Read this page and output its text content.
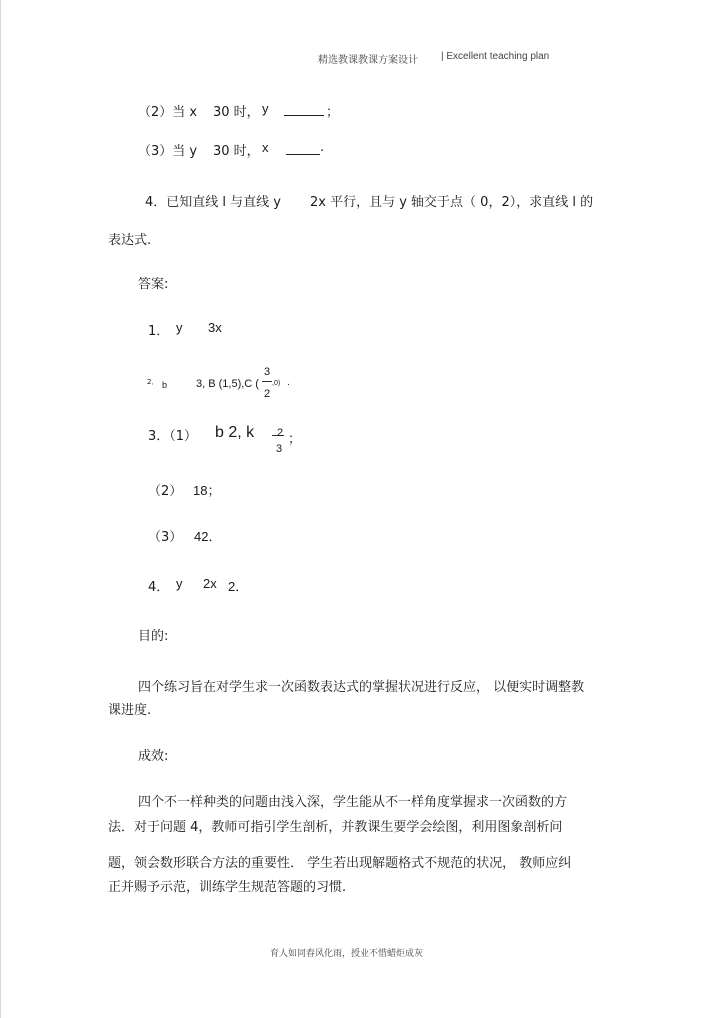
精选教课教课方案设计 | Excellent teaching plan
（2）当 x 30 时， y	；
（3）当 y 30 时， x	.
4．已知直线 l 与直线 y 2x 平行，且与 y 轴交于点（ 0，2），求直线 l 的
表达式.
答案:
1． y 3x
2． b	3, B (1,5),C (
3
2
,0) .
3．（1） b 2, k 2
3
；
（2） 18；
（3） 42．
4． y 2x 2．
目的:
四个练习旨在对学生求一次函数表达式的掌握状况进行反应， 以便实时调整教
课进度.
成效:
四个不一样种类的问题由浅入深，学生能从不一样角度掌握求一次函数的方
法．对于问题 4，教师可指引学生剖析，并教课生要学会绘图，利用图象剖析问
题，领会数形联合方法的重要性． 学生若出现解题格式不规范的状况， 教师应纠
正并赐予示范，训练学生规范答题的习惯.
育人如同春风化雨，授业不惜蜡炬成灰
